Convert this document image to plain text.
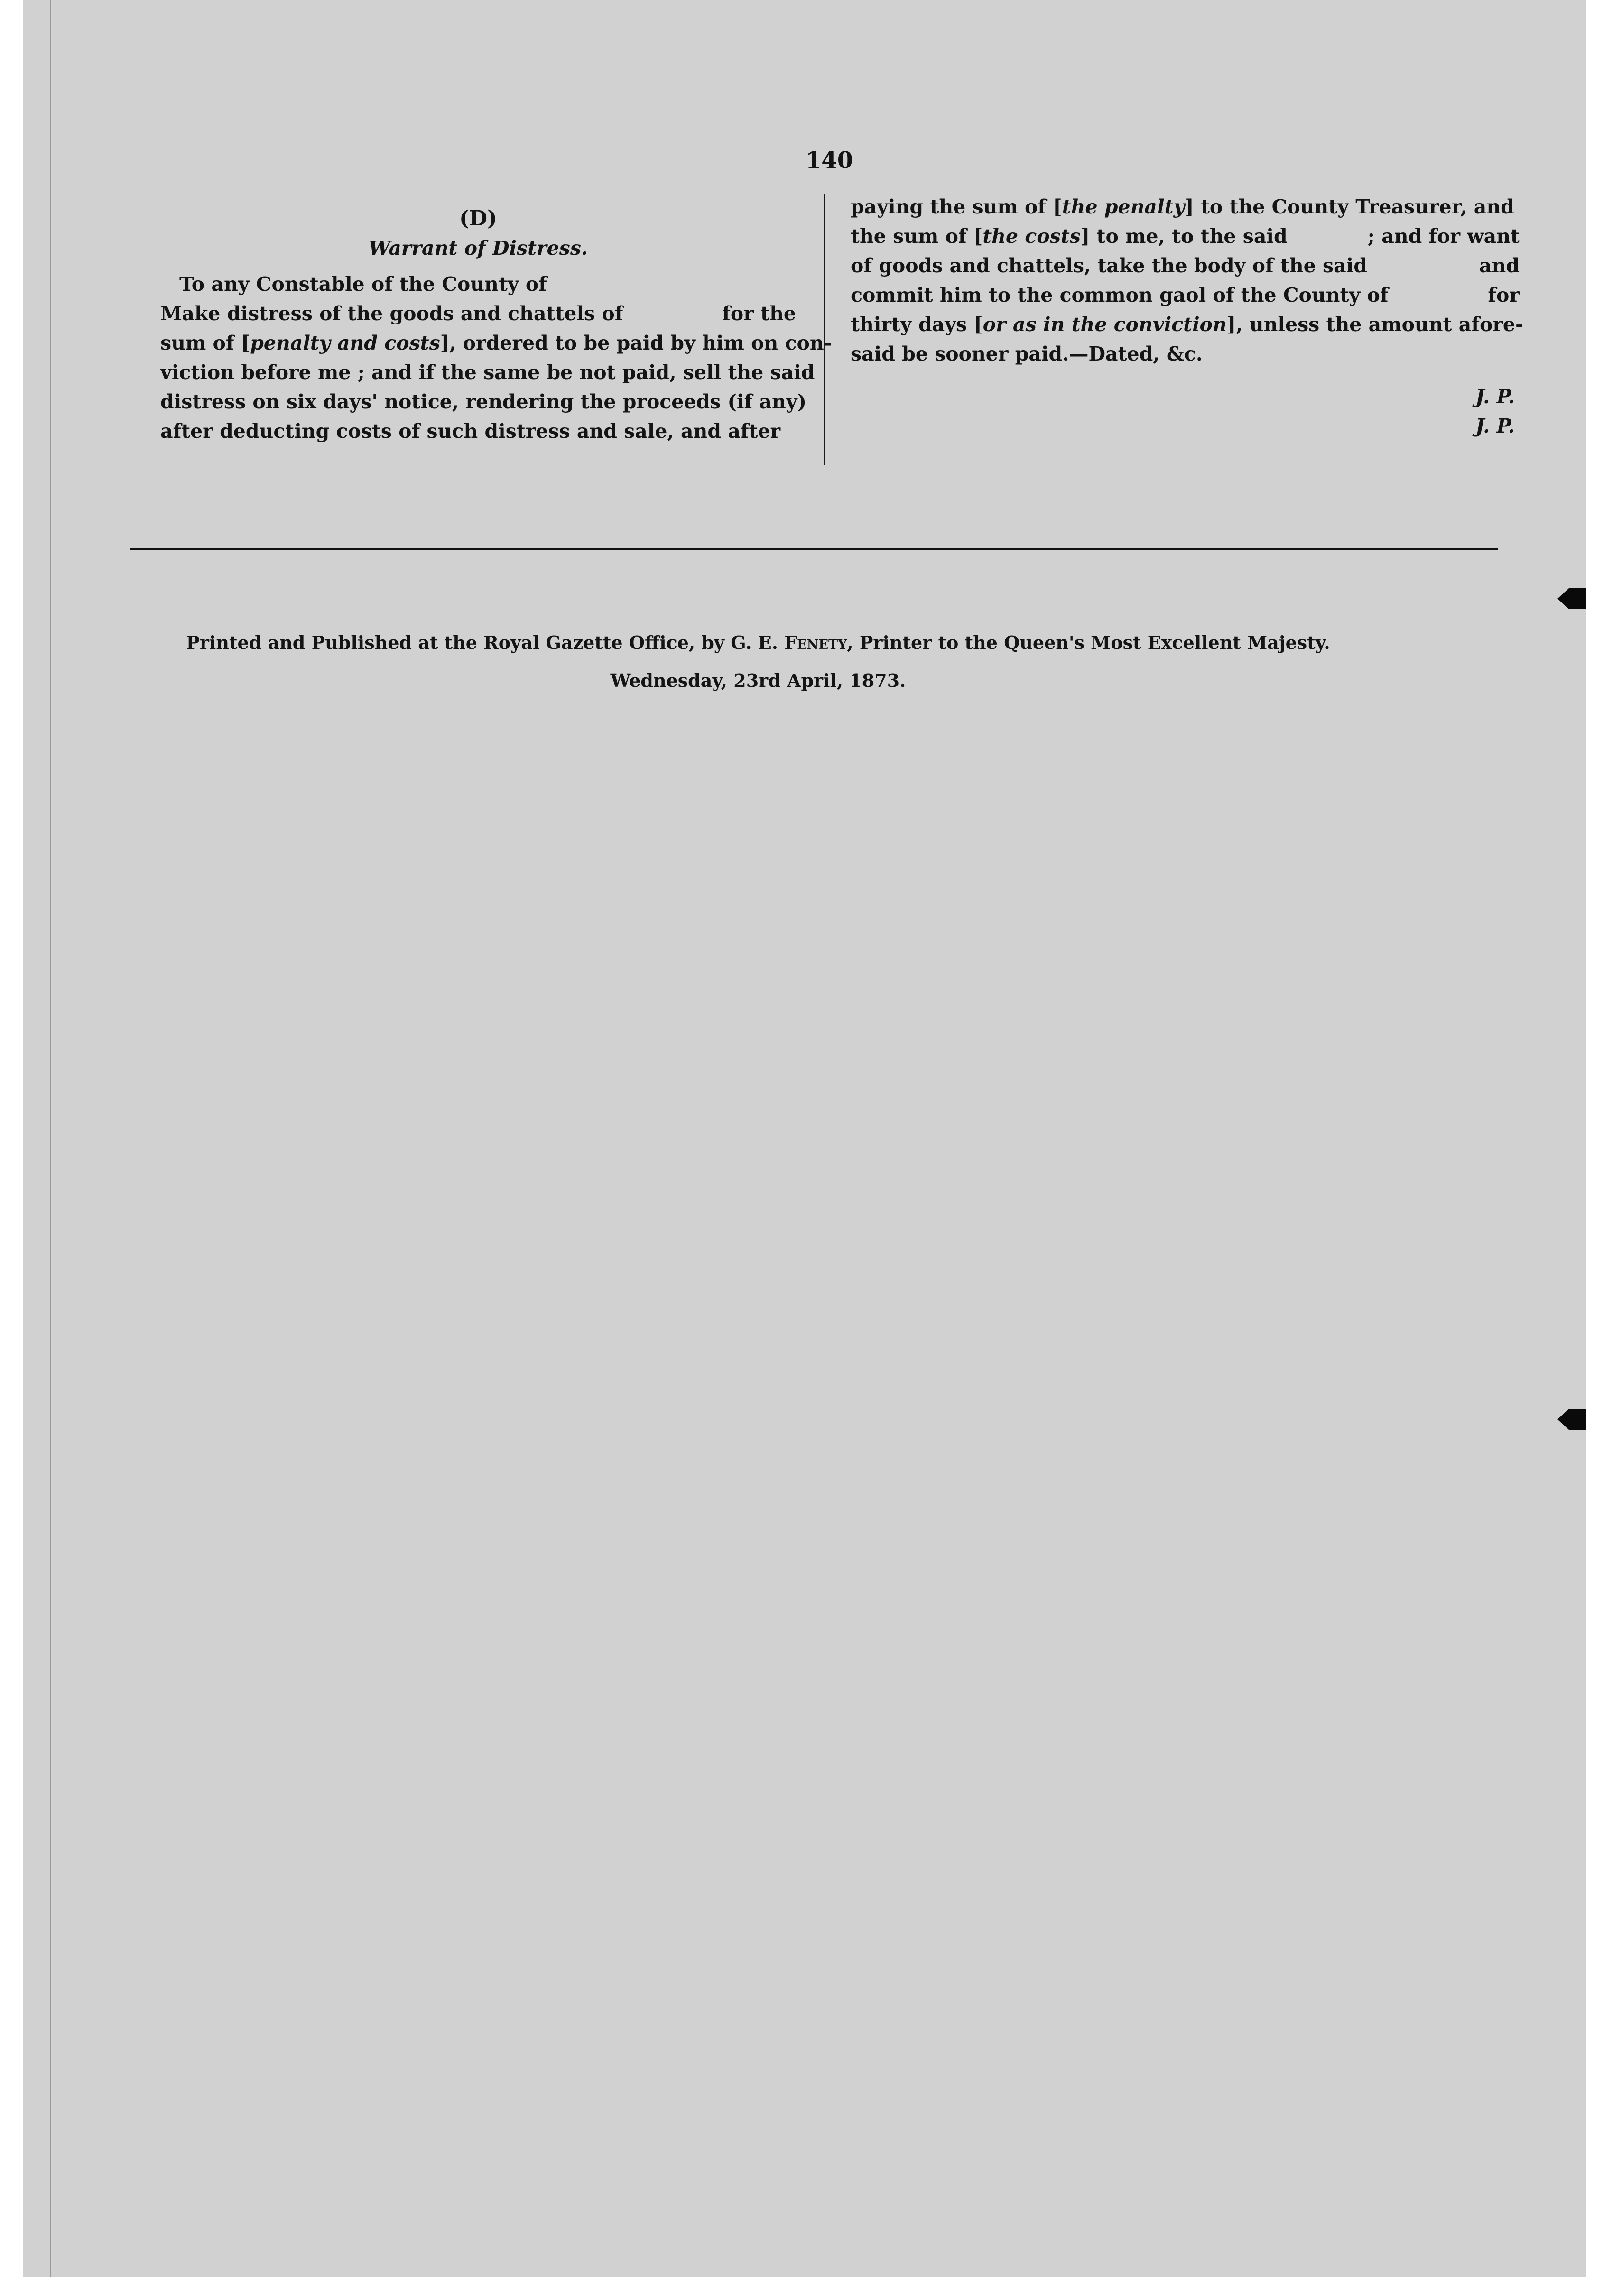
140
(D)
Warrant of Distress.
To any Constable of the County of
Make distress of the goods and chattels of	for the
sum of [penalty and costs], ordered to be paid by him on con-
viction before me ; and if the same be not paid, sell the said
distress on six days' notice, rendering the proceeds (if any)
after deducting costs of such distress and sale, and after
paying the sum of [the penalty] to the County Treasurer, and
the sum of [the costs] to me, to the said	; and for want
of goods and chattels, take the body of the said	and
commit him to the common gaol of the County of	for
thirty days [or as in the conviction], unless the amount afore-
said be sooner paid.—Dated, &c.
J. P.
J. P.
Printed and Published at the Royal Gazette Office, by G. E. Fenety, Printer to the Queen's Most Excellent Majesty.
Wednesday, 23rd April, 1873.
